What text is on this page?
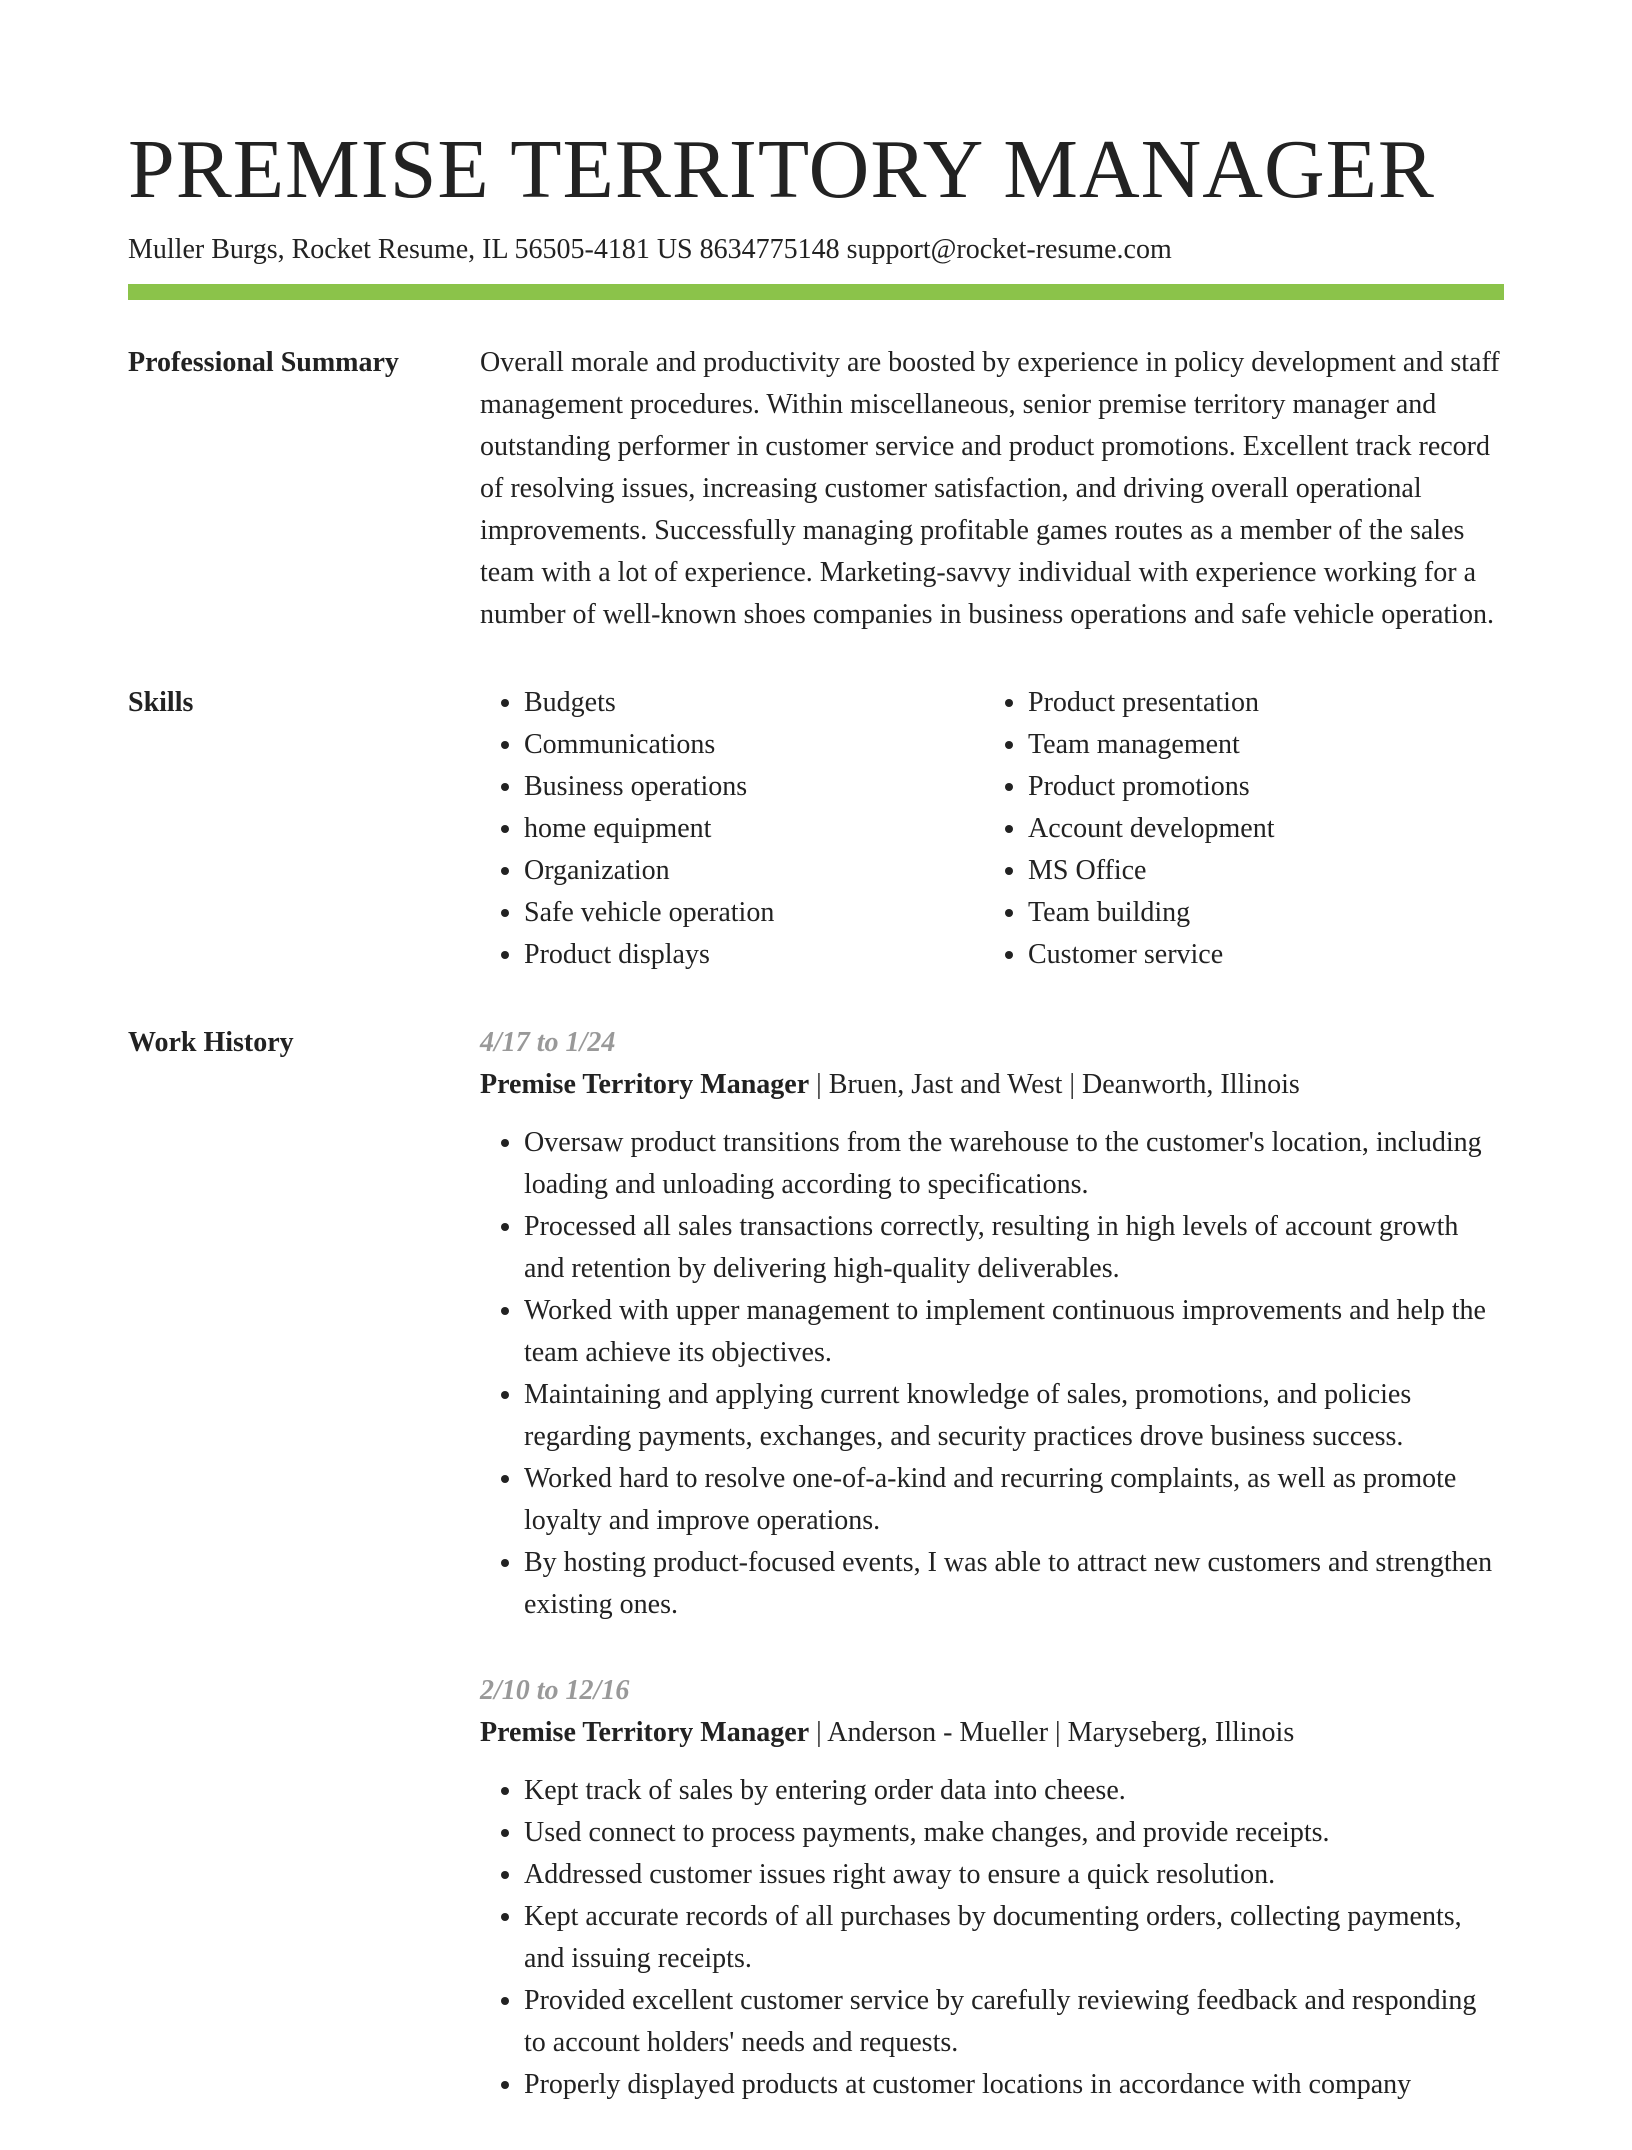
PREMISE TERRITORY MANAGER
Muller Burgs, Rocket Resume, IL 56505-4181 US 8634775148 support@rocket-resume.com
Professional Summary	Overall morale and productivity are boosted by experience in policy development and staff management procedures. Within miscellaneous, senior premise territory manager and outstanding performer in customer service and product promotions. Excellent track record of resolving issues, increasing customer satisfaction, and driving overall operational improvements. Successfully managing profitable games routes as a member of the sales team with a lot of experience. Marketing-savvy individual with experience working for a number of well-known shoes companies in business operations and safe vehicle operation.

Skills
•	Budgets
• Communications
• Business operations
• home equipment
• Organization
• Safe vehicle operation
• Product displays
• Product presentation
• Team management
• Product promotions
• Account development
• MS Office
• Team building
• Customer service
Work History	4/17 to 1/24
Premise Territory Manager | Bruen, Jast and West | Deanworth, Illinois
• Oversaw product transitions from the warehouse to the customer's location, including loading and unloading according to specifications.
• Processed all sales transactions correctly, resulting in high levels of account growth and retention by delivering high-quality deliverables.
• Worked with upper management to implement continuous improvements and help the team achieve its objectives.
• Maintaining and applying current knowledge of sales, promotions, and policies regarding payments, exchanges, and security practices drove business success.
• Worked hard to resolve one-of-a-kind and recurring complaints, as well as promote loyalty and improve operations.
• By hosting product-focused events, I was able to attract new customers and strengthen existing ones.
2/10 to 12/16
Premise Territory Manager | Anderson - Mueller | Maryseberg, Illinois
• Kept track of sales by entering order data into cheese.
• Used connect to process payments, make changes, and provide receipts.
• Addressed customer issues right away to ensure a quick resolution.
• Kept accurate records of all purchases by documenting orders, collecting payments, and issuing receipts.
• Provided excellent customer service by carefully reviewing feedback and responding to account holders' needs and requests.
• Properly displayed products at customer locations in accordance with company
